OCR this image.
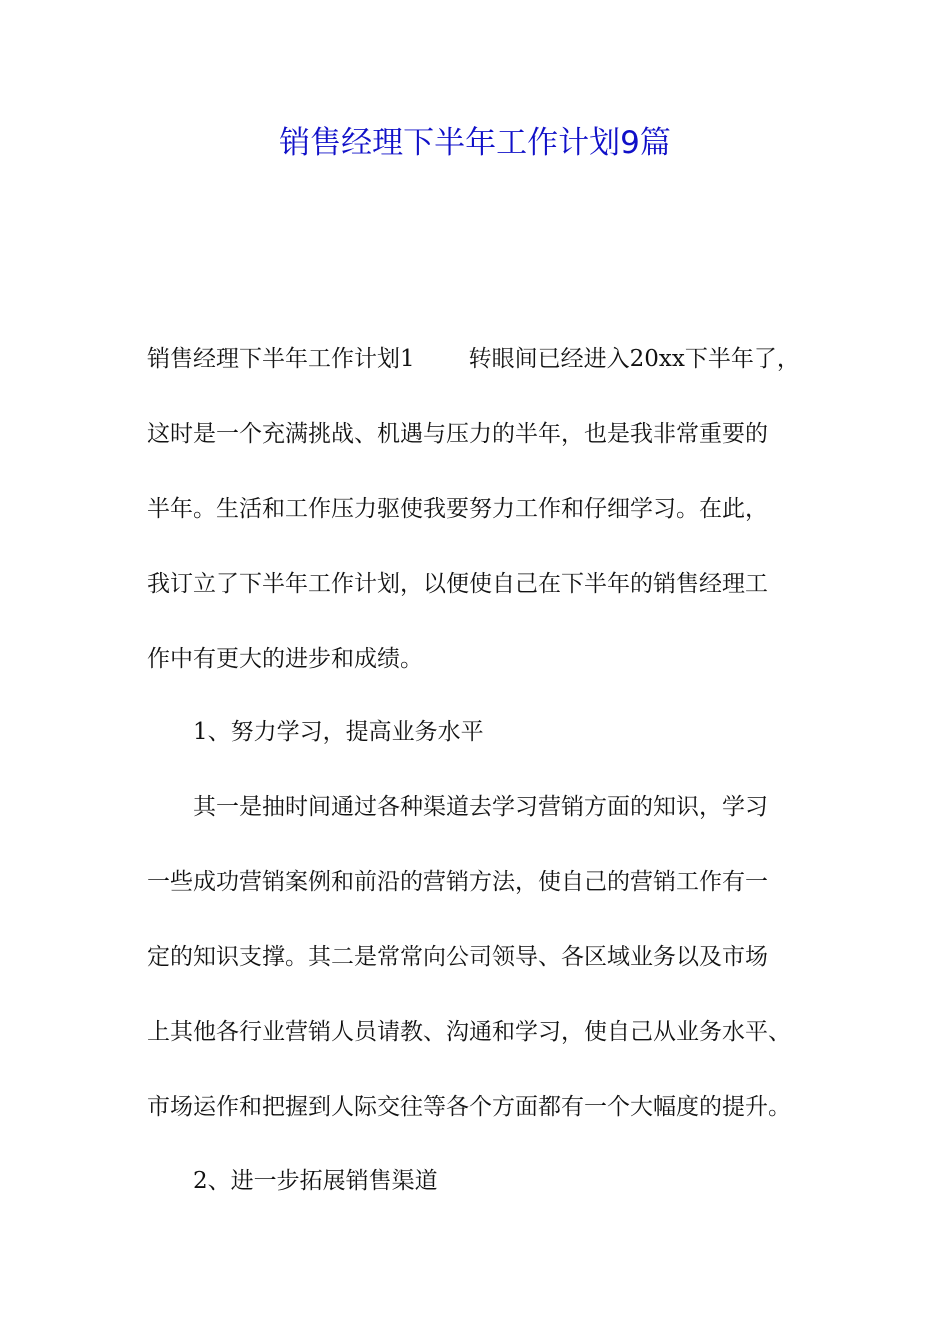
销售经理下半年工作计划9篇

销售经理下半年工作计划1 转眼间已经进入20xx下半年了，

这时是一个充满挑战、机遇与压力的半年，也是我非常重要的

半年。生活和工作压力驱使我要努力工作和仔细学习。在此，

我订立了下半年工作计划，以便使自己在下半年的销售经理工

作中有更大的进步和成绩。

1、努力学习，提高业务水平

其一是抽时间通过各种渠道去学习营销方面的知识，学习

一些成功营销案例和前沿的营销方法，使自己的营销工作有一

定的知识支撑。其二是常常向公司领导、各区域业务以及市场

上其他各行业营销人员请教、沟通和学习，使自己从业务水平、

市场运作和把握到人际交往等各个方面都有一个大幅度的提升。

2、进一步拓展销售渠道
